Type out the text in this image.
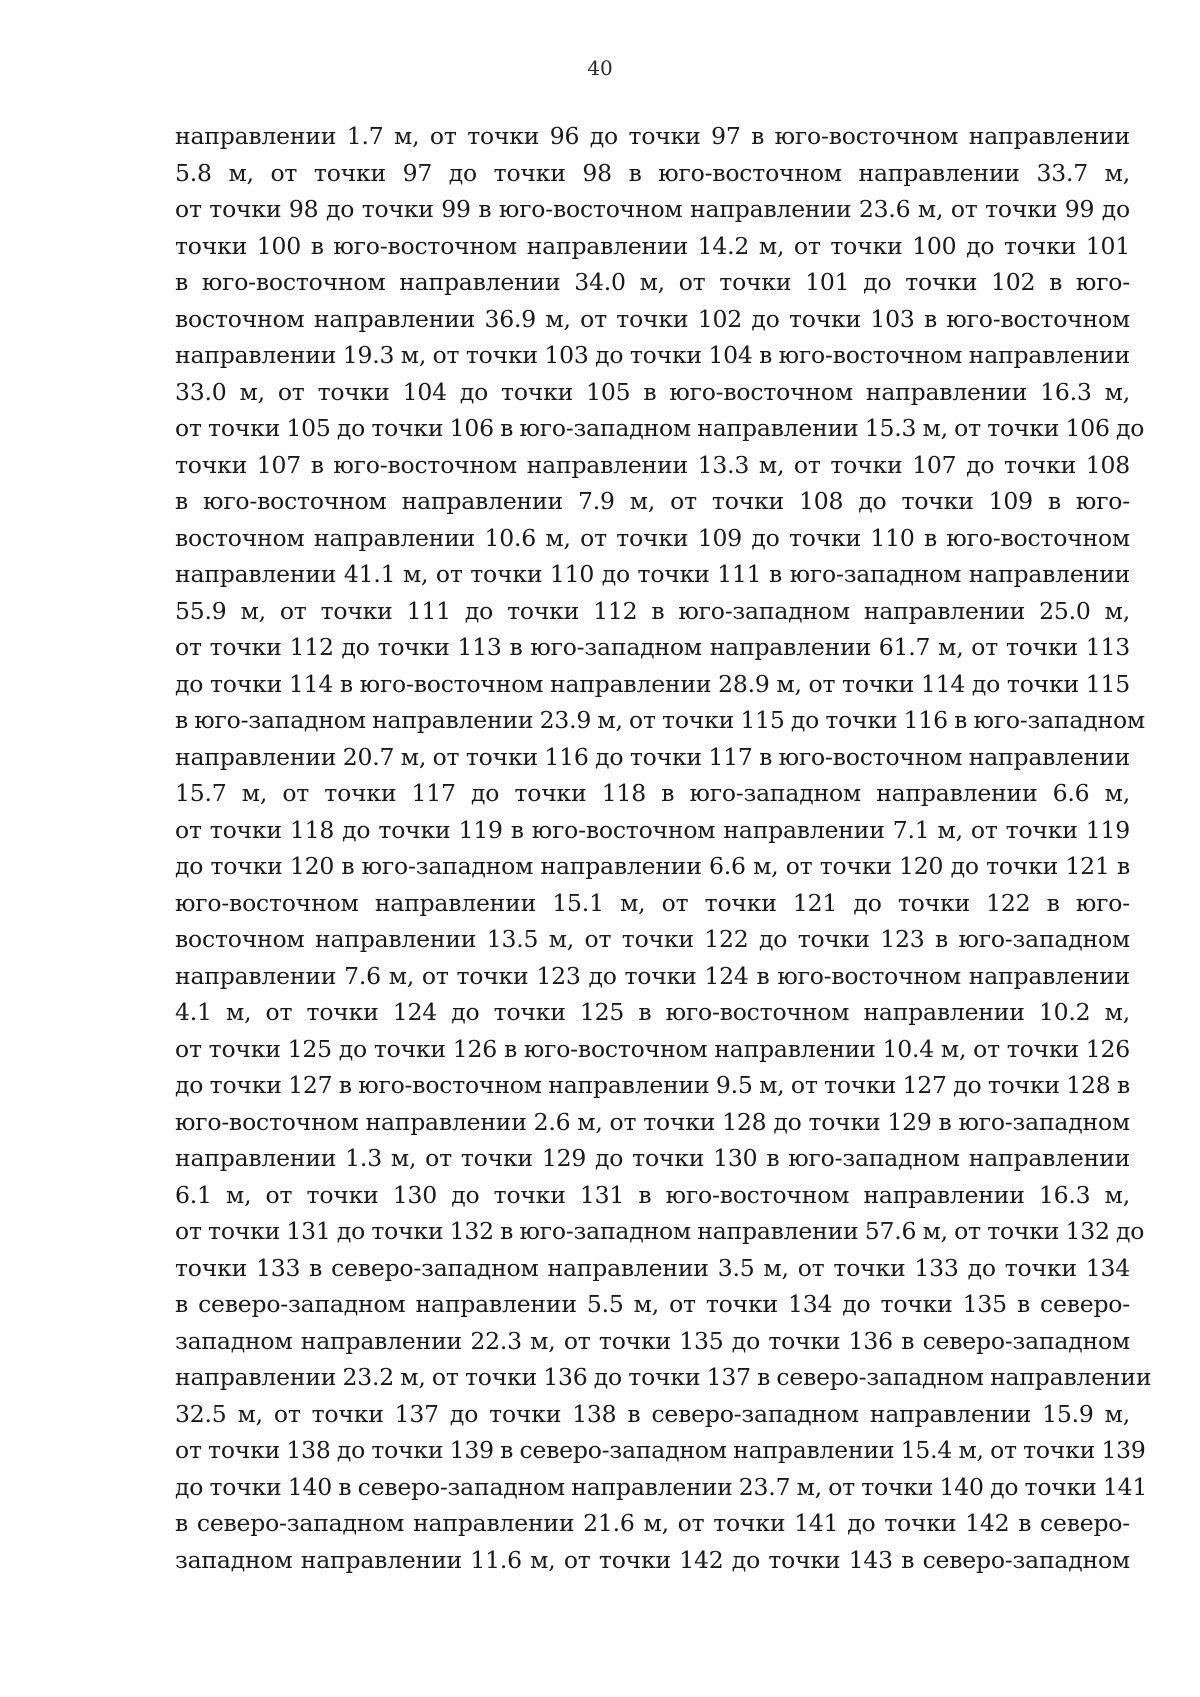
40
направлении 1.7 м, от точки 96 до точки 97 в юго-восточном направлении
5.8 м, от точки 97 до точки 98 в юго-восточном направлении 33.7 м,
от точки 98 до точки 99 в юго-восточном направлении 23.6 м, от точки 99 до
точки 100 в юго-восточном направлении 14.2 м, от точки 100 до точки 101
в юго-восточном направлении 34.0 м, от точки 101 до точки 102 в юго-
восточном направлении 36.9 м, от точки 102 до точки 103 в юго-восточном
направлении 19.3 м, от точки 103 до точки 104 в юго-восточном направлении
33.0 м, от точки 104 до точки 105 в юго-восточном направлении 16.3 м,
от точки 105 до точки 106 в юго-западном направлении 15.3 м, от точки 106 до
точки 107 в юго-восточном направлении 13.3 м, от точки 107 до точки 108
в юго-восточном направлении 7.9 м, от точки 108 до точки 109 в юго-
восточном направлении 10.6 м, от точки 109 до точки 110 в юго-восточном
направлении 41.1 м, от точки 110 до точки 111 в юго-западном направлении
55.9 м, от точки 111 до точки 112 в юго-западном направлении 25.0 м,
от точки 112 до точки 113 в юго-западном направлении 61.7 м, от точки 113
до точки 114 в юго-восточном направлении 28.9 м, от точки 114 до точки 115
в юго-западном направлении 23.9 м, от точки 115 до точки 116 в юго-западном
направлении 20.7 м, от точки 116 до точки 117 в юго-восточном направлении
15.7 м, от точки 117 до точки 118 в юго-западном направлении 6.6 м,
от точки 118 до точки 119 в юго-восточном направлении 7.1 м, от точки 119
до точки 120 в юго-западном направлении 6.6 м, от точки 120 до точки 121 в
юго-восточном направлении 15.1 м, от точки 121 до точки 122 в юго-
восточном направлении 13.5 м, от точки 122 до точки 123 в юго-западном
направлении 7.6 м, от точки 123 до точки 124 в юго-восточном направлении
4.1 м, от точки 124 до точки 125 в юго-восточном направлении 10.2 м,
от точки 125 до точки 126 в юго-восточном направлении 10.4 м, от точки 126
до точки 127 в юго-восточном направлении 9.5 м, от точки 127 до точки 128 в
юго-восточном направлении 2.6 м, от точки 128 до точки 129 в юго-западном
направлении 1.3 м, от точки 129 до точки 130 в юго-западном направлении
6.1 м, от точки 130 до точки 131 в юго-восточном направлении 16.3 м,
от точки 131 до точки 132 в юго-западном направлении 57.6 м, от точки 132 до
точки 133 в северо-западном направлении 3.5 м, от точки 133 до точки 134
в северо-западном направлении 5.5 м, от точки 134 до точки 135 в северо-
западном направлении 22.3 м, от точки 135 до точки 136 в северо-западном
направлении 23.2 м, от точки 136 до точки 137 в северо-западном направлении
32.5 м, от точки 137 до точки 138 в северо-западном направлении 15.9 м,
от точки 138 до точки 139 в северо-западном направлении 15.4 м, от точки 139
до точки 140 в северо-западном направлении 23.7 м, от точки 140 до точки 141
в северо-западном направлении 21.6 м, от точки 141 до точки 142 в северо-
западном направлении 11.6 м, от точки 142 до точки 143 в северо-западном
